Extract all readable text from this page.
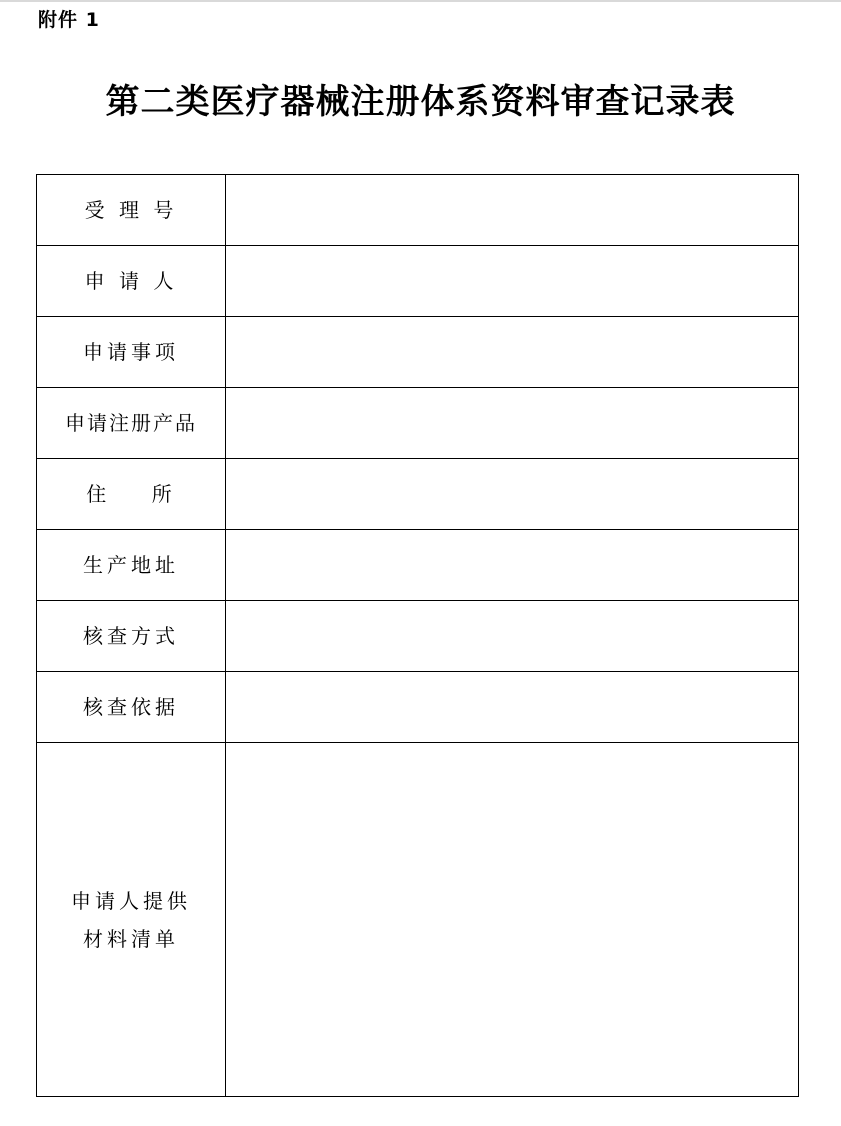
附件 1
第二类医疗器械注册体系资料审查记录表
受 理 号	
申 请 人	
申请事项	
申请注册产品	
住    所	
生产地址	
核查方式	
核查依据	

申请人提供
材料清单	
